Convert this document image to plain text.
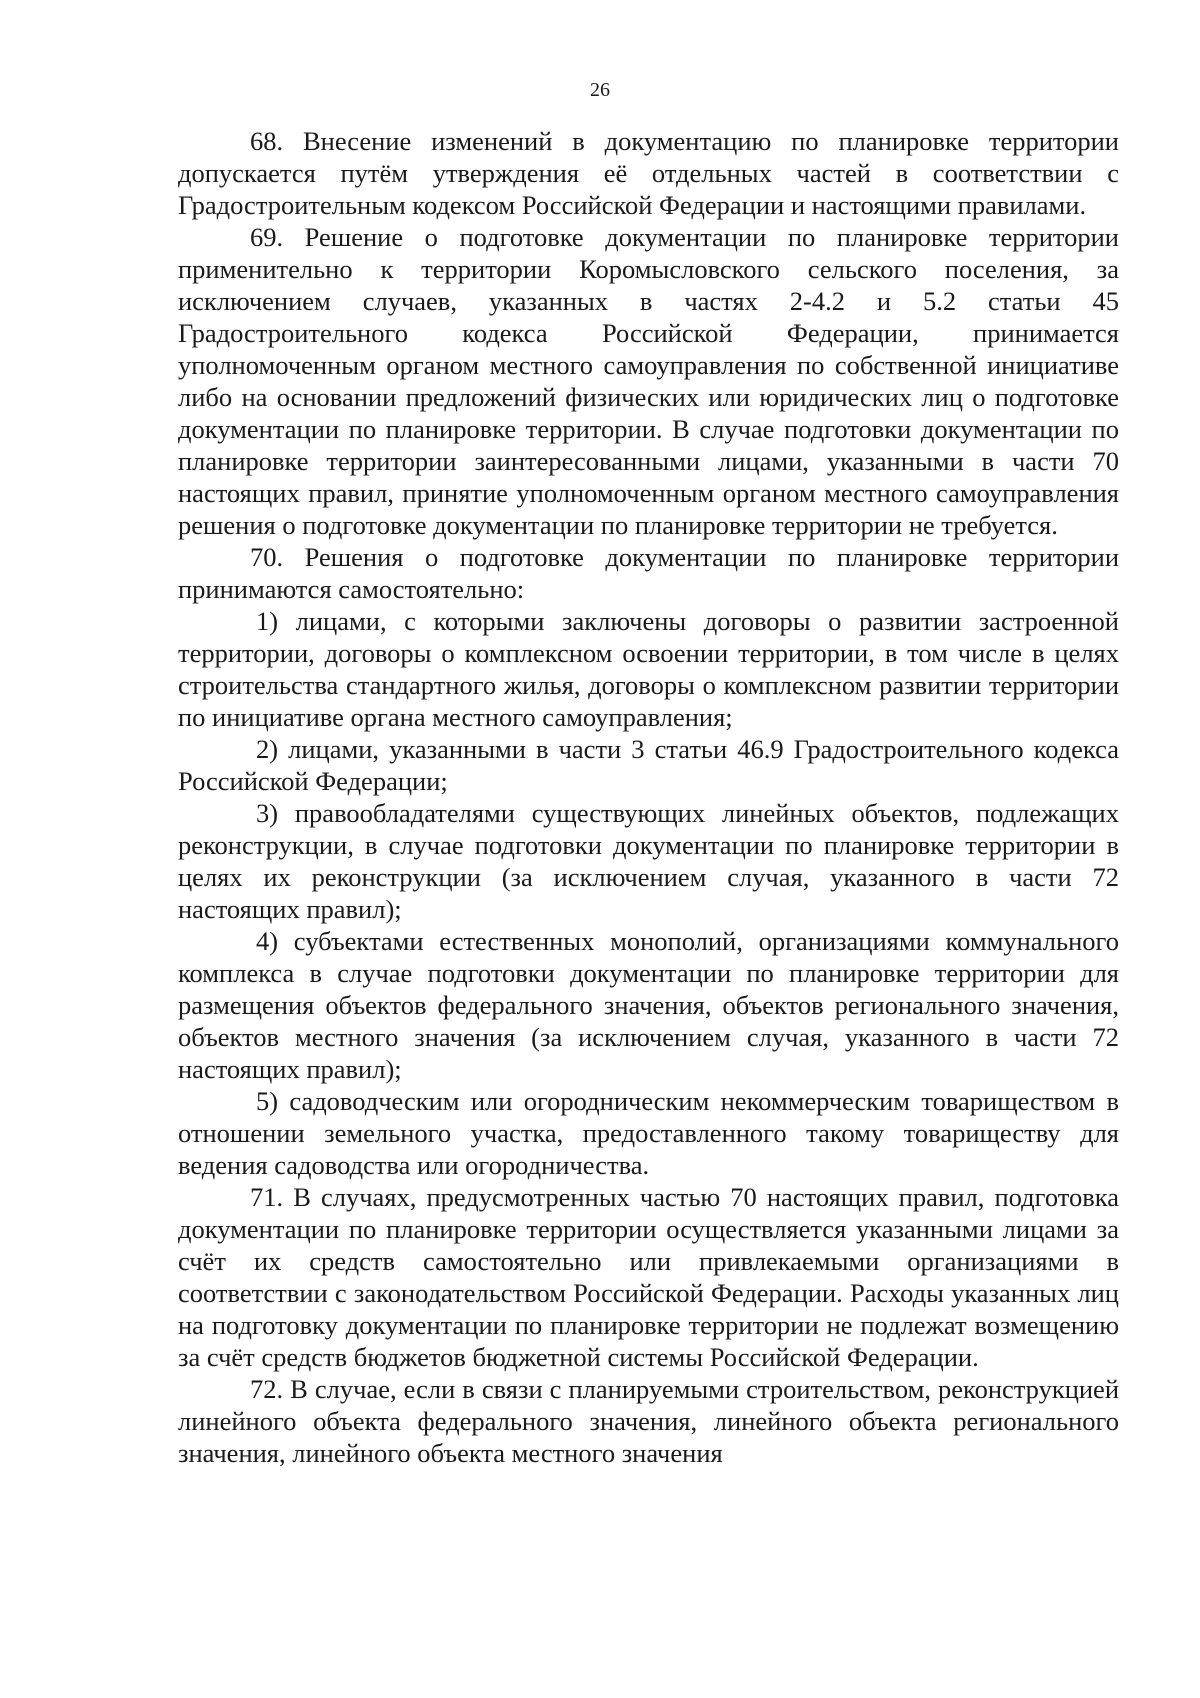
26

68. Внесение изменений в документацию по планировке территории допускается путём утверждения её отдельных частей в соответствии с Градостроительным кодексом Российской Федерации и настоящими правилами.

69. Решение о подготовке документации по планировке территории применительно к территории Коромысловского сельского поселения, за исключением случаев, указанных в частях 2-4.2 и 5.2 статьи 45 Градостроительного кодекса Российской Федерации, принимается уполномоченным органом местного самоуправления по собственной инициативе либо на основании предложений физических или юридических лиц о подготовке документации по планировке территории. В случае подготовки документации по планировке территории заинтересованными лицами, указанными в части 70 настоящих правил, принятие уполномоченным органом местного самоуправления решения о подготовке документации по планировке территории не требуется.

70. Решения о подготовке документации по планировке территории принимаются самостоятельно:

1) лицами, с которыми заключены договоры о развитии застроенной территории, договоры о комплексном освоении территории, в том числе в целях строительства стандартного жилья, договоры о комплексном развитии территории по инициативе органа местного самоуправления;

2) лицами, указанными в части 3 статьи 46.9 Градостроительного кодекса Российской Федерации;

3) правообладателями существующих линейных объектов, подлежащих реконструкции, в случае подготовки документации по планировке территории в целях их реконструкции (за исключением случая, указанного в части 72 настоящих правил);

4) субъектами естественных монополий, организациями коммунального комплекса в случае подготовки документации по планировке территории для размещения объектов федерального значения, объектов регионального значения, объектов местного значения (за исключением случая, указанного в части 72 настоящих правил);

5) садоводческим или огородническим некоммерческим товариществом в отношении земельного участка, предоставленного такому товариществу для ведения садоводства или огородничества.

71. В случаях, предусмотренных частью 70 настоящих правил, подготовка документации по планировке территории осуществляется указанными лицами за счёт их средств самостоятельно или привлекаемыми организациями в соответствии с законодательством Российской Федерации. Расходы указанных лиц на подготовку документации по планировке территории не подлежат возмещению за счёт средств бюджетов бюджетной системы Российской Федерации.

72. В случае, если в связи с планируемыми строительством, реконструкцией линейного объекта федерального значения, линейного объекта регионального значения, линейного объекта местного значения
